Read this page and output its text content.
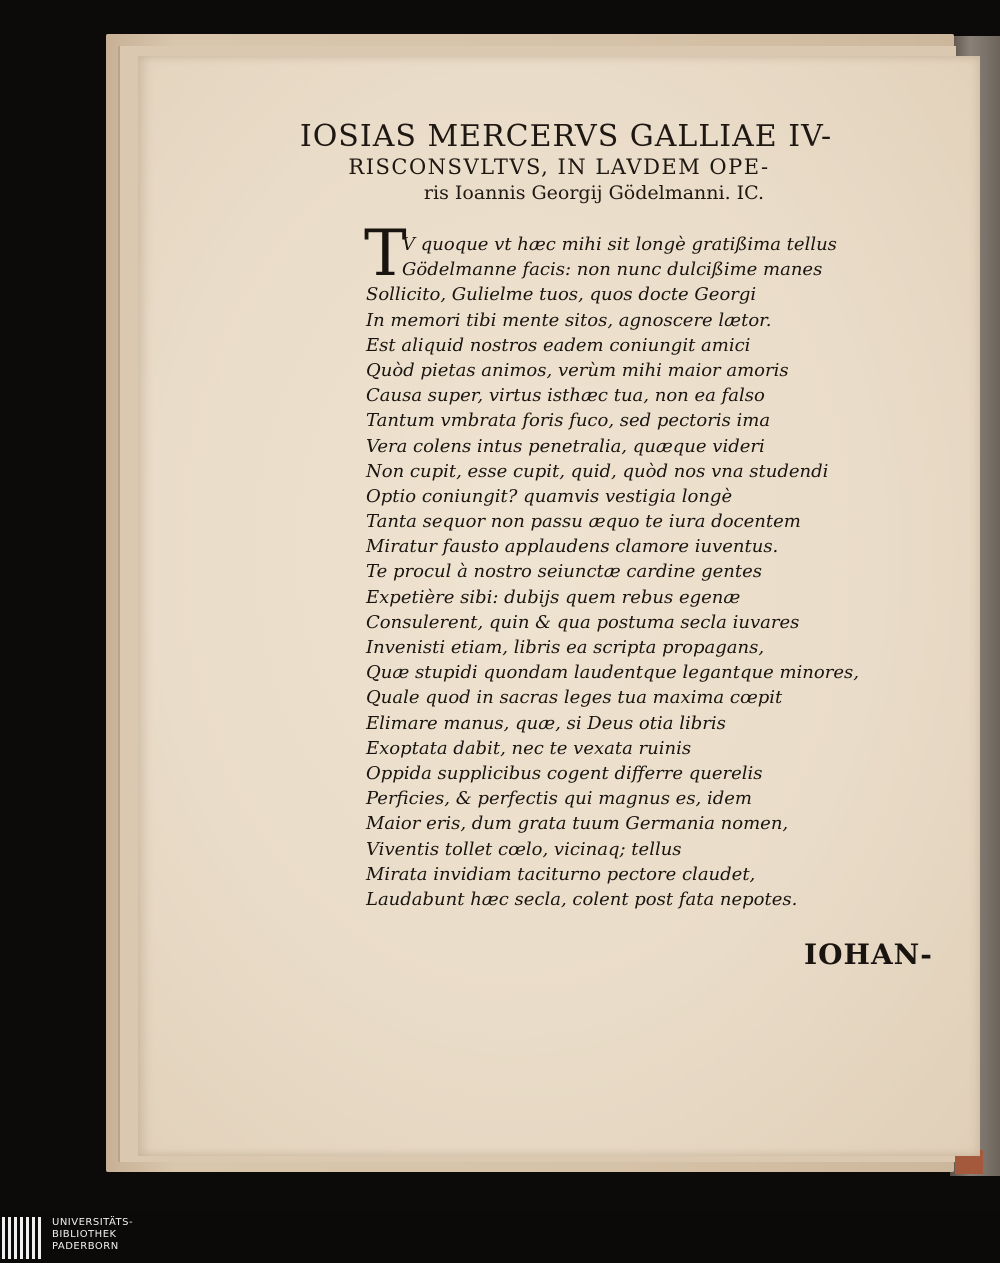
IOSIAS MERCERVS GALLIAE IV-
RISCONSVLTVS, IN LAVDEM OPE-
ris Ioannis Georgij Gödelmanni. IC.
T
V quoque vt hæc mihi sit longè gratißima tellus
Gödelmanne facis: non nunc dulcißime manes
Sollicito, Gulielme tuos, quos docte Georgi
In memori tibi mente sitos, agnoscere lætor.
Est aliquid nostros eadem coniungit amici
Quòd pietas animos, verùm mihi maior amoris
Causa super, virtus isthæc tua, non ea falso
Tantum vmbrata foris fuco, sed pectoris ima
Vera colens intus penetralia, quæque videri
Non cupit, esse cupit, quid, quòd nos vna studendi
Optio coniungit? quamvis vestigia longè
Tanta sequor non passu æquo te iura docentem
Miratur fausto applaudens clamore iuventus.
Te procul à nostro seiunctæ cardine gentes
Expetière sibi: dubijs quem rebus egenæ
Consulerent, quin & qua postuma secla iuvares
Invenisti etiam, libris ea scripta propagans,
Quæ stupidi quondam laudentque legantque minores,
Quale quod in sacras leges tua maxima cœpit
Elimare manus, quæ, si Deus otia libris
Exoptata dabit, nec te vexata ruinis
Oppida supplicibus cogent differre querelis
Perficies, & perfectis qui magnus es, idem
Maior eris, dum grata tuum Germania nomen,
Viventis tollet cœlo, vicinaq; tellus
Mirata invidiam taciturno pectore claudet,
Laudabunt hæc secla, colent post fata nepotes.
IOHAN-
UNIVERSITÄTS-
BIBLIOTHEK
PADERBORN
